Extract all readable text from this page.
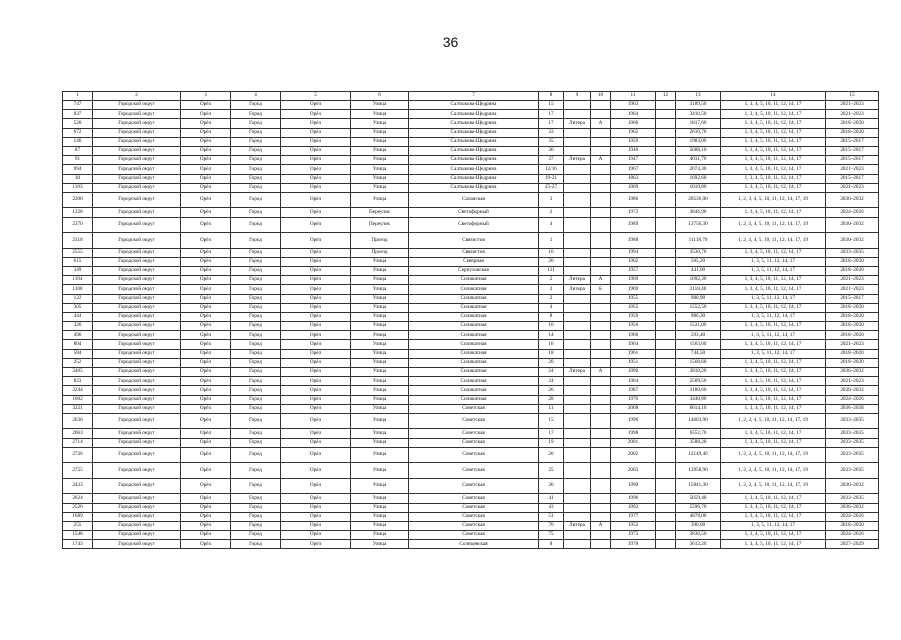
36
1	2	3	4	5	6	7	8	9	10	11	12	13	14	15
747	Городской округ	Орёл	Город	Орёл	Улица	Салтыкова-Щедрина	15			1963		3189,50	1, 3, 4, 5, 10, 11, 12, 14, 17	2021–2023
837	Городской округ	Орёл	Город	Орёл	Улица	Салтыкова-Щедрина	17			1964		3410,50	1, 3, 4, 5, 10, 11, 12, 14, 17	2021–2023
526	Городской округ	Орёл	Город	Орёл	Улица	Салтыкова-Щедрина	17	Литера	А	1960		1817,60	1, 3, 4, 5, 10, 11, 12, 14, 17	2018–2020
672	Городской округ	Орёл	Город	Орёл	Улица	Салтыкова-Щедрина	33			1962		2610,70	1, 3, 4, 5, 10, 11, 12, 14, 17	2018–2020
146	Городской округ	Орёл	Город	Орёл	Улица	Салтыкова-Щедрина	35			1959		1983,00	1, 3, 4, 5, 10, 11, 12, 14, 17	2015–2017
87	Городской округ	Орёл	Город	Орёл	Улица	Салтыкова-Щедрина	36			1946		5688,10	1, 3, 4, 5, 10, 11, 12, 14, 17	2015–2017
91	Городской округ	Орёл	Город	Орёл	Улица	Салтыкова-Щедрина	37	Литера	А	1947		4031,70	1, 3, 4, 5, 10, 11, 12, 14, 17	2015–2017
994	Городской округ	Орёл	Город	Орёл	Улица	Салтыкова-Щедрина	12/16			1967		2074,30	1, 3, 4, 5, 10, 11, 12, 14, 17	2021–2023
30	Городской округ	Орёл	Город	Орёл	Улица	Салтыкова-Щедрина	19-21			1863		1692,60	1, 3, 4, 5, 10, 11, 12, 14, 17	2015–2017
1103	Городской округ	Орёл	Город	Орёл	Улица	Салтыкова-Щедрина	25-27			1969		1010,80	1, 3, 4, 5, 10, 11, 12, 14, 17	2021–2023
2200	Городской округ	Орёл	Город	Орёл	Улица	Саханская	3			1986		20536,00	1, 2, 3, 4, 5, 10, 11, 12, 14, 17, 19	2030–2032
1328	Городской округ	Орёл	Город	Орёл	Переулок	Светофорный	2			1972		3846,90	1, 3, 4, 5, 10, 11, 12, 14, 17	2024–2026
2370	Городской округ	Орёл	Город	Орёл	Переулок	Светофорный	4			1989		13756,30	1, 2, 3, 4, 5, 10, 11, 12, 14, 17, 19	2030–2032
2318	Городской округ	Орёл	Город	Орёл	Проезд	Связистов	1			1988		11118,70	1, 2, 3, 4, 5, 10, 11, 12, 14, 17, 19	2030–2032
2555	Городской округ	Орёл	Город	Орёл	Проезд	Связистов	10			1994		3530,70	1, 3, 4, 5, 10, 11, 12, 14, 17	2033–2035
615	Городской округ	Орёл	Город	Орёл	Улица	Северная	20			1962		505,20	1, 3, 5, 11, 12, 14, 17	2018–2020
349	Городской округ	Орёл	Город	Орёл	Улица	Серпуховская	111			1957		441,00	1, 3, 5, 11, 12, 14, 17	2018–2020
1104	Городской округ	Орёл	Город	Орёл	Улица	Силикатная	2	Литера	А	1969		1092,30	1, 3, 4, 5, 10, 11, 12, 14, 17	2021–2023
1108	Городской округ	Орёл	Город	Орёл	Улица	Силикатная	2	Литера	Б	1969		2118,40	1, 3, 4, 5, 10, 11, 12, 14, 17	2021–2023
122	Городской округ	Орёл	Город	Орёл	Улица	Силикатная	2			1955		980,90	1, 3, 5, 11, 12, 14, 17	2015–2017
305	Городской округ	Орёл	Город	Орёл	Улица	Силикатная	4			1955		1552,50	1, 3, 4, 5, 10, 11, 12, 14, 17	2018–2020
444	Городской округ	Орёл	Город	Орёл	Улица	Силикатная	8			1959		986,30	1, 3, 5, 11, 12, 14, 17	2018–2020
326	Городской округ	Орёл	Город	Орёл	Улица	Силикатная	10			1956		1531,00	1, 3, 4, 5, 10, 11, 12, 14, 17	2018–2020
496	Городской округ	Орёл	Город	Орёл	Улица	Силикатная	14			1960		593,40	1, 3, 5, 11, 12, 14, 17	2018–2020
804	Городской округ	Орёл	Город	Орёл	Улица	Силикатная	16			1964		1563,60	1, 3, 4, 5, 10, 11, 12, 14, 17	2021–2023
584	Городской округ	Орёл	Город	Орёл	Улица	Силикатная	18			1961		744,50	1, 3, 5, 11, 12, 14, 17	2018–2020
252	Городской округ	Орёл	Город	Орёл	Улица	Силикатная	20			1951		1568,60	1, 3, 4, 5, 10, 11, 12, 14, 17	2018–2020
2405	Городской округ	Орёл	Город	Орёл	Улица	Силикатная	24	Литера	А	1990		3810,20	1, 3, 4, 5, 10, 11, 12, 14, 17	2030–2032
823	Городской округ	Орёл	Город	Орёл	Улица	Силикатная	24			1964		2509,50	1, 3, 4, 5, 10, 11, 12, 14, 17	2021–2023
2244	Городской округ	Орёл	Город	Орёл	Улица	Силикатная	26			1987		3180,60	1, 3, 4, 5, 10, 11, 12, 14, 17	2030–2032
1602	Городской округ	Орёл	Город	Орёл	Улица	Силикатная	28			1976		3440,80	1, 3, 4, 5, 10, 11, 12, 14, 17	2024–2026
3221	Городской округ	Орёл	Город	Орёл	Улица	Советская	11			2008		6614,10	1, 3, 4, 5, 10, 11, 12, 14, 17	2036–2038
2636	Городской округ	Орёл	Город	Орёл	Улица	Советская	15			1996		14603,90	1, 2, 3, 4, 5, 10, 11, 12, 14, 17, 19	2033–2035
2663	Городской округ	Орёл	Город	Орёл	Улица	Советская	17			1998		6552,70	1, 3, 4, 5, 10, 11, 12, 14, 17	2033–2035
2714	Городской округ	Орёл	Город	Орёл	Улица	Советская	19			2001		3588,20	1, 3, 4, 5, 10, 11, 12, 14, 17	2033–2035
2736	Городской округ	Орёл	Город	Орёл	Улица	Советская	20			2002		12149,46	1, 2, 3, 4, 5, 10, 11, 12, 14, 17, 19	2033–2035
2755	Городской округ	Орёл	Город	Орёл	Улица	Советская	25			2003		12958,90	1, 2, 3, 4, 5, 10, 11, 12, 14, 17, 19	2033–2035
2433	Городской округ	Орёл	Город	Орёл	Улица	Советская	30			1990		15841,30	1, 2, 3, 4, 5, 10, 11, 12, 14, 17, 19	2030–2032
2624	Городской округ	Орёл	Город	Орёл	Улица	Советская	41			1996		5659,40	1, 3, 4, 5, 10, 11, 12, 14, 17	2033–2035
2520	Городской округ	Орёл	Город	Орёл	Улица	Советская	43			1993		5596,70	1, 3, 4, 5, 10, 11, 12, 14, 17	2030–2032
1689	Городской округ	Орёл	Город	Орёл	Улица	Советская	51			1977		4878,00	1, 3, 4, 5, 10, 11, 12, 14, 17	2024–2026
255	Городской округ	Орёл	Город	Орёл	Улица	Советская	70	Литера	А	1952		390,00	1, 3, 5, 11, 12, 14, 17	2018–2020
1548	Городской округ	Орёл	Город	Орёл	Улица	Советская	75			1975		3830,50	1, 3, 4, 5, 10, 11, 12, 14, 17	2024–2026
1743	Городской округ	Орёл	Город	Орёл	Улица	Солнцевская	8			1978		3612,20	1, 3, 4, 5, 10, 11, 12, 14, 17	2027–2029
